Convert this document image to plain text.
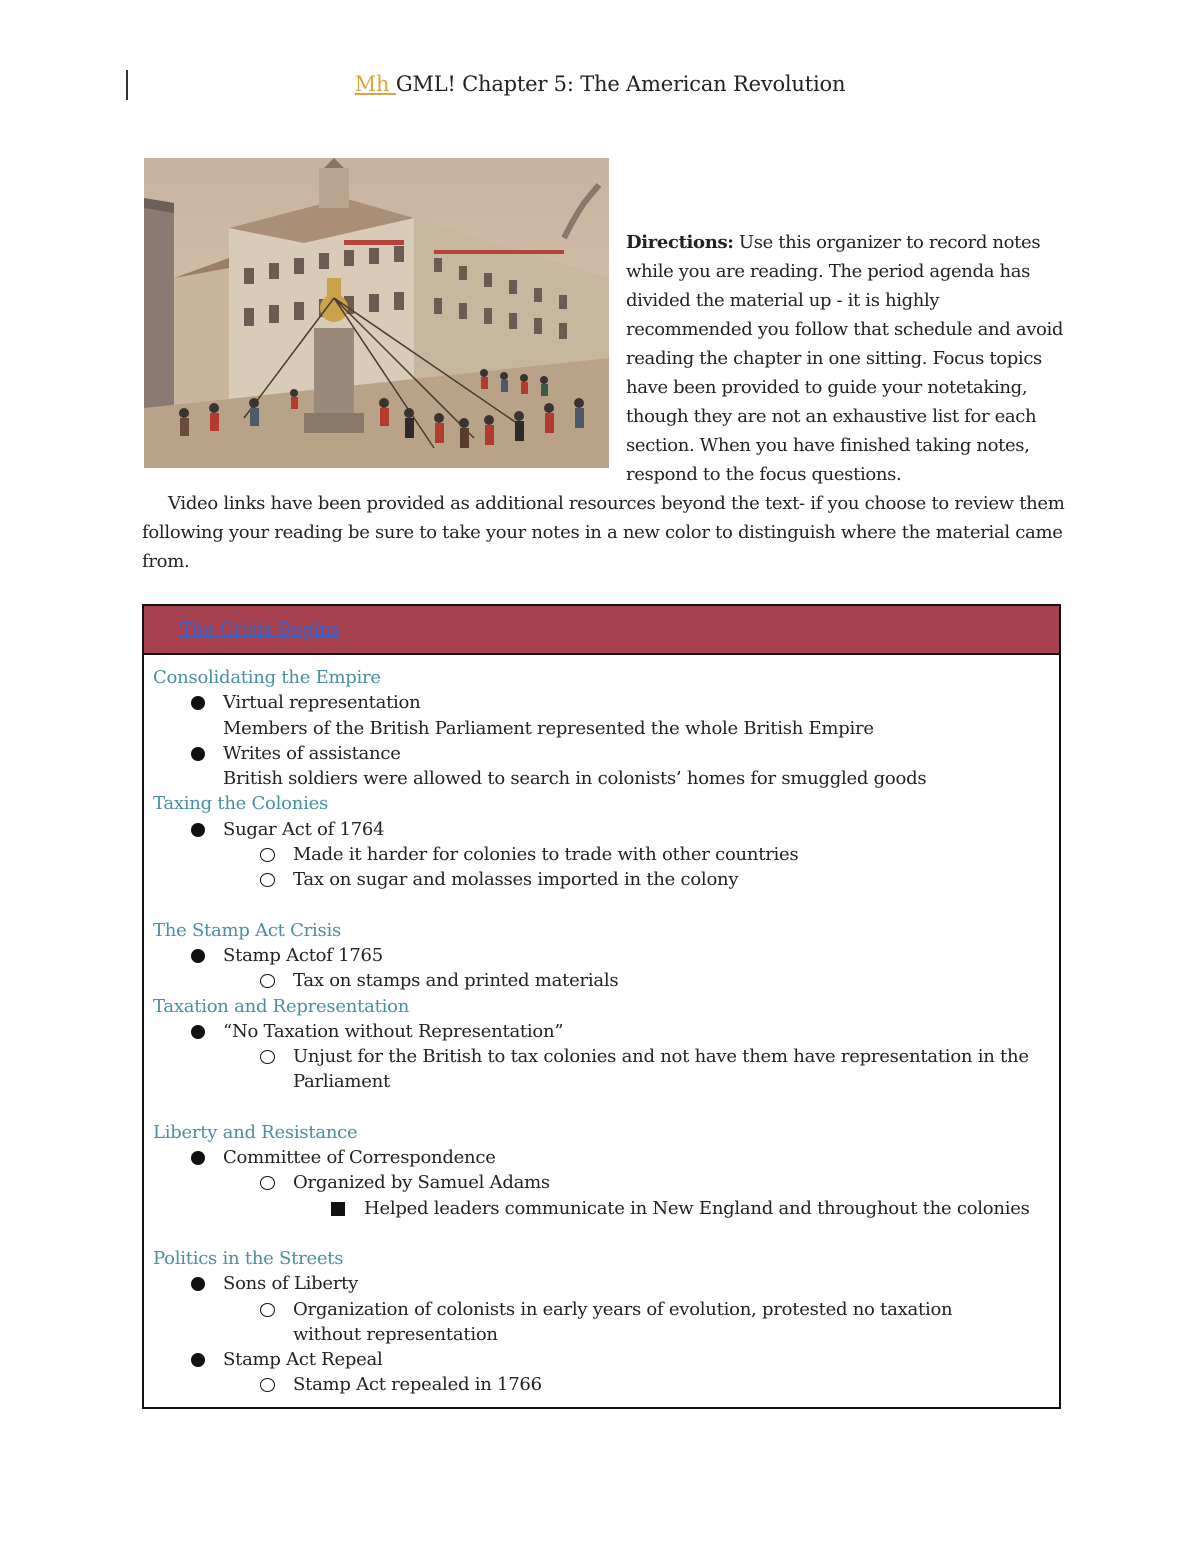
Mh GML! Chapter 5: The American Revolution
Directions: Use this organizer to record notes while you are reading. The period agenda has divided the material up - it is highly recommended you follow that schedule and avoid reading the chapter in one sitting. Focus topics have been provided to guide your notetaking, though they are not an exhaustive list for each section. When you have finished taking notes, respond to the focus questions.
Video links have been provided as additional resources beyond the text- if you choose to review them following your reading be sure to take your notes in a new color to distinguish where the material came from.
The Crisis Begins
Consolidating the Empire
Virtual representation
Members of the British Parliament represented the whole British Empire
Writes of assistance
British soldiers were allowed to search in colonists’ homes for smuggled goods
Taxing the Colonies
Sugar Act of 1764
Made it harder for colonies to trade with other countries
Tax on sugar and molasses imported in the colony
The Stamp Act Crisis
Stamp Actof 1765
Tax on stamps and printed materials
Taxation and Representation
“No Taxation without Representation”
Unjust for the British to tax colonies and not have them have representation in the
Parliament
Liberty and Resistance
Committee of Correspondence
Organized by Samuel Adams
Helped leaders communicate in New England and throughout the colonies
Politics in the Streets
Sons of Liberty
Organization of colonists in early years of evolution, protested no taxation
without representation
Stamp Act Repeal
Stamp Act repealed in 1766
